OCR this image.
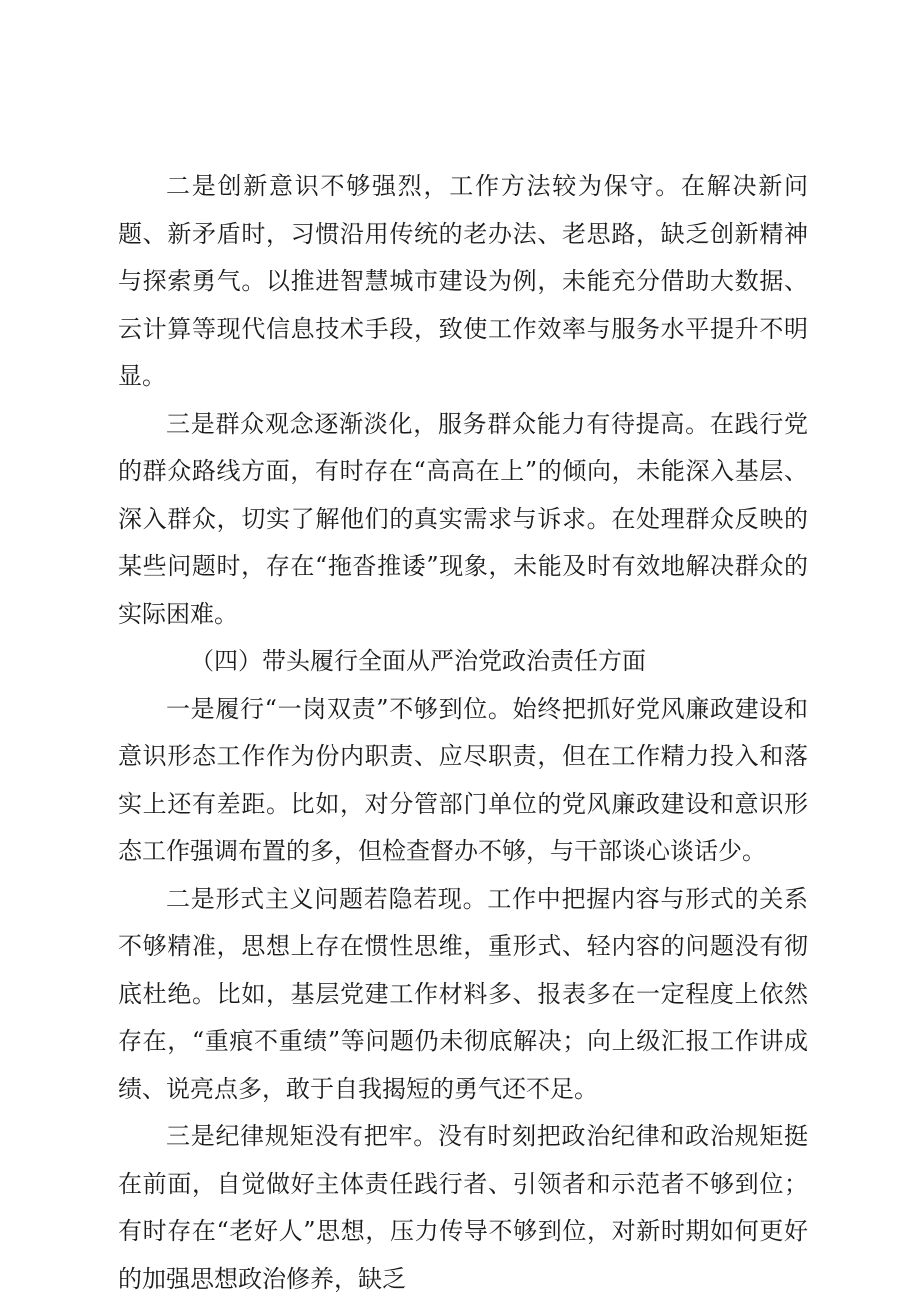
二是创新意识不够强烈，工作方法较为保守。在解决新问题、新矛盾时，习惯沿用传统的老办法、老思路，缺乏创新精神与探索勇气。以推进智慧城市建设为例，未能充分借助大数据、云计算等现代信息技术手段，致使工作效率与服务水平提升不明显。

三是群众观念逐渐淡化，服务群众能力有待提高。在践行党的群众路线方面，有时存在“高高在上”的倾向，未能深入基层、深入群众，切实了解他们的真实需求与诉求。在处理群众反映的某些问题时，存在“拖沓推诿”现象，未能及时有效地解决群众的实际困难。

（四）带头履行全面从严治党政治责任方面

一是履行“一岗双责”不够到位。始终把抓好党风廉政建设和意识形态工作作为份内职责、应尽职责，但在工作精力投入和落实上还有差距。比如，对分管部门单位的党风廉政建设和意识形态工作强调布置的多，但检查督办不够，与干部谈心谈话少。

二是形式主义问题若隐若现。工作中把握内容与形式的关系不够精准，思想上存在惯性思维，重形式、轻内容的问题没有彻底杜绝。比如，基层党建工作材料多、报表多在一定程度上依然存在，“重痕不重绩”等问题仍未彻底解决；向上级汇报工作讲成绩、说亮点多，敢于自我揭短的勇气还不足。

三是纪律规矩没有把牢。没有时刻把政治纪律和政治规矩挺在前面，自觉做好主体责任践行者、引领者和示范者不够到位；有时存在“老好人”思想，压力传导不够到位，对新时期如何更好的加强思想政治修养，缺乏
